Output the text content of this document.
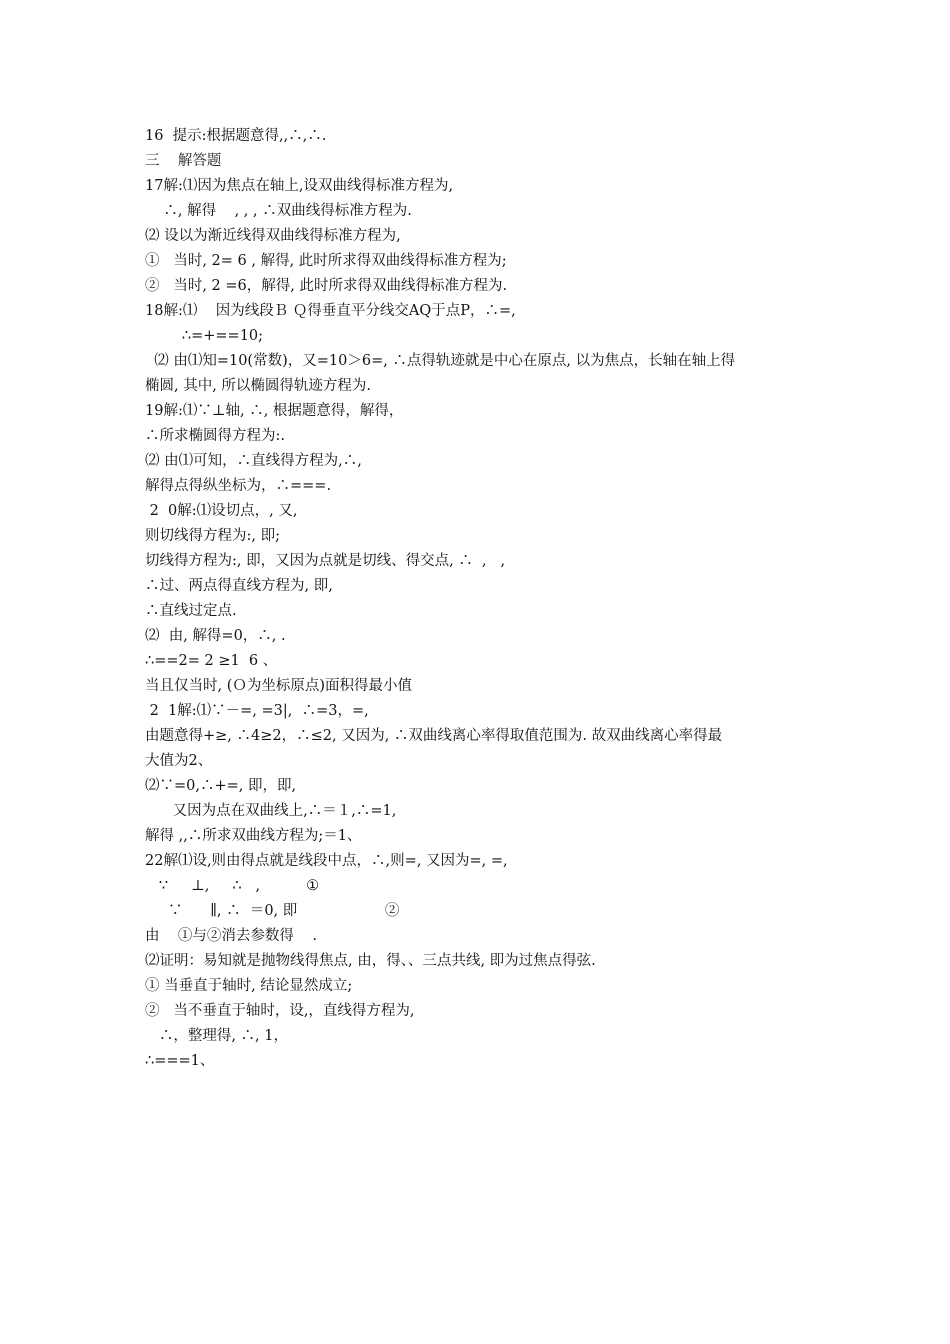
16  提示:根据题意得,,∴,∴.
三    解答题
17解:⑴因为焦点在轴上,设双曲线得标准方程为,
∴, 解得    , , , ∴双曲线得标准方程为.
⑵ 设以为渐近线得双曲线得标准方程为,
①   当时, 2= 6 , 解得, 此时所求得双曲线得标准方程为;
②   当时, 2 =6，解得, 此时所求得双曲线得标准方程为.
18解:⑴    因为线段Ｂ Ｑ得垂直平分线交AQ于点P，∴=,
∴=+==10;
⑵ 由⑴知=10(常数)，又=10＞6=, ∴点得轨迹就是中心在原点, 以为焦点，长轴在轴上得
椭圆, 其中, 所以椭圆得轨迹方程为.
19解:⑴∵⊥轴, ∴, 根据题意得，解得，
∴所求椭圆得方程为:.
⑵ 由⑴可知，∴直线得方程为,∴,
解得点得纵坐标为，∴===.
2  0解:⑴设切点，, 又,
则切线得方程为:, 即;
切线得方程为:, 即，又因为点就是切线、得交点, ∴  ,   ,
∴过、两点得直线方程为, 即,
∴直线过定点.
⑵  由, 解得=0，∴, .
∴==2= 2 ≥1  6 、
当且仅当时, (Ｏ为坐标原点)面积得最小值
2  1解:⑴∵－=, =3|,  ∴=3，=,
由题意得+≥, ∴4≥2，∴≤2, 又因为, ∴双曲线离心率得取值范围为. 故双曲线离心率得最
大值为2、
⑵∵=0,∴+=, 即，即,
又因为点在双曲线上,∴＝１,∴=1,
解得 ,,∴所求双曲线方程为;＝1、
22解⑴设,则由得点就是线段中点，∴,则=, 又因为=, =,
∵     ⊥,     ∴   ,          ①
∵      ∥, ∴  ＝0, 即                   ②
由    ①与②消去参数得    .
⑵证明：易知就是抛物线得焦点, 由，得、、三点共线, 即为过焦点得弦.
① 当垂直于轴时, 结论显然成立;
②   当不垂直于轴时，设,，直线得方程为,
∴，整理得, ∴, 1，
∴===1、
